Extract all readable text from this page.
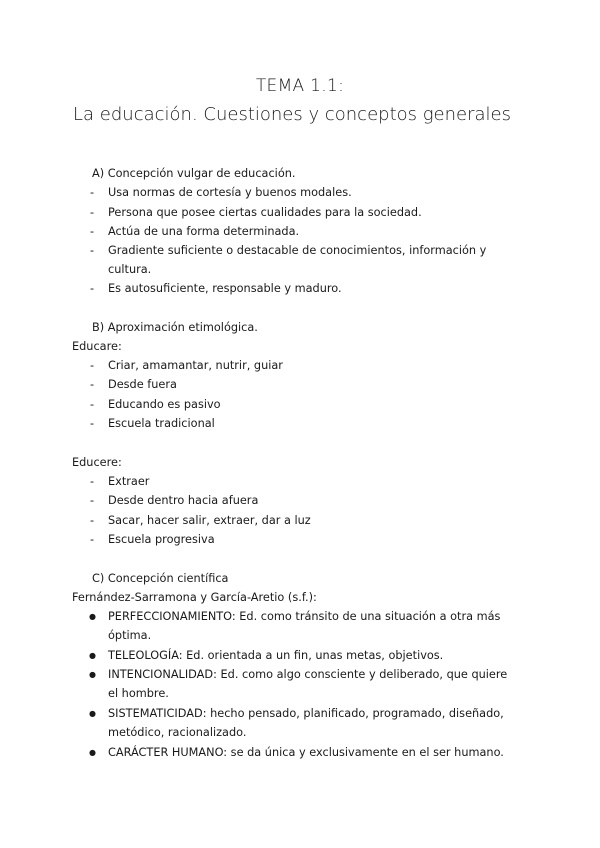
TEMA 1.1:
La educación. Cuestiones y conceptos generales
A) Concepción vulgar de educación.
- Usa normas de cortesía y buenos modales.
- Persona que posee ciertas cualidades para la sociedad.
- Actúa de una forma determinada.
- Gradiente suficiente o destacable de conocimientos, información y
cultura.
- Es autosuficiente, responsable y maduro.
B) Aproximación etimológica.
Educare:
- Criar, amamantar, nutrir, guiar
- Desde fuera
- Educando es pasivo
- Escuela tradicional
Educere:
- Extraer
- Desde dentro hacia afuera
- Sacar, hacer salir, extraer, dar a luz
- Escuela progresiva
C) Concepción científica
Fernández-Sarramona y García-Aretio (s.f.):
● PERFECCIONAMIENTO: Ed. como tránsito de una situación a otra más
óptima.
● TELEOLOGÍA: Ed. orientada a un fin, unas metas, objetivos.
● INTENCIONALIDAD: Ed. como algo consciente y deliberado, que quiere
el hombre.
● SISTEMATICIDAD: hecho pensado, planificado, programado, diseñado,
metódico, racionalizado.
● CARÁCTER HUMANO: se da única y exclusivamente en el ser humano.
